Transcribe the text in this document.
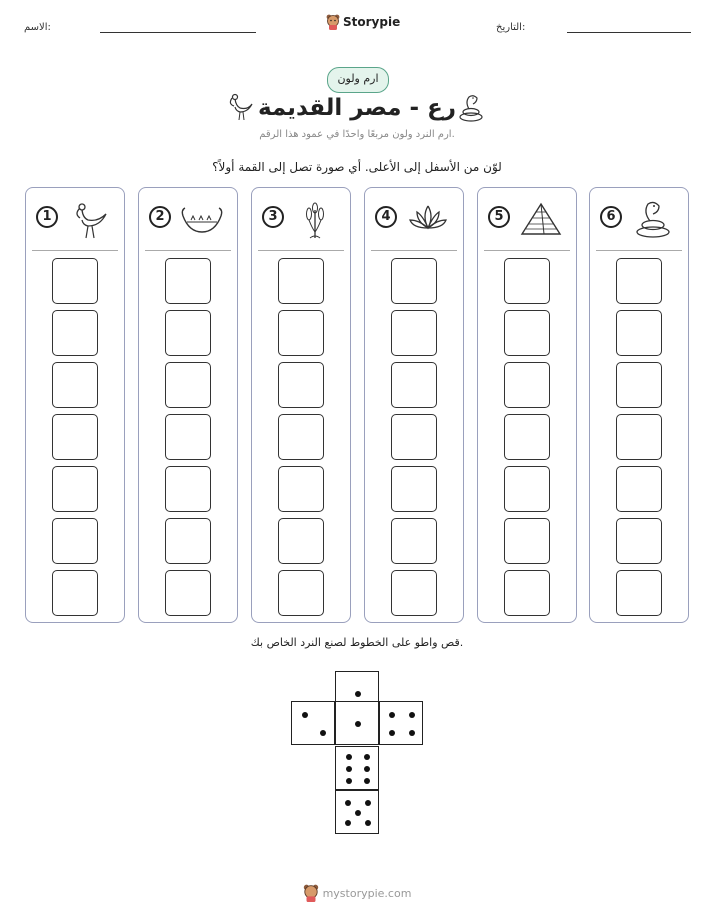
الاسم:	Storypie	التاريخ:
ارم ولون
رع - مصر القديمة
ارم النرد ولون مربعًا واحدًا في عمود هذا الرقم.
لوّن من الأسفل إلى الأعلى. أي صورة تصل إلى القمة أولاً؟
1	2	3	4	5	6
قص واطو على الخطوط لصنع النرد الخاص بك.
mystorypie.com
